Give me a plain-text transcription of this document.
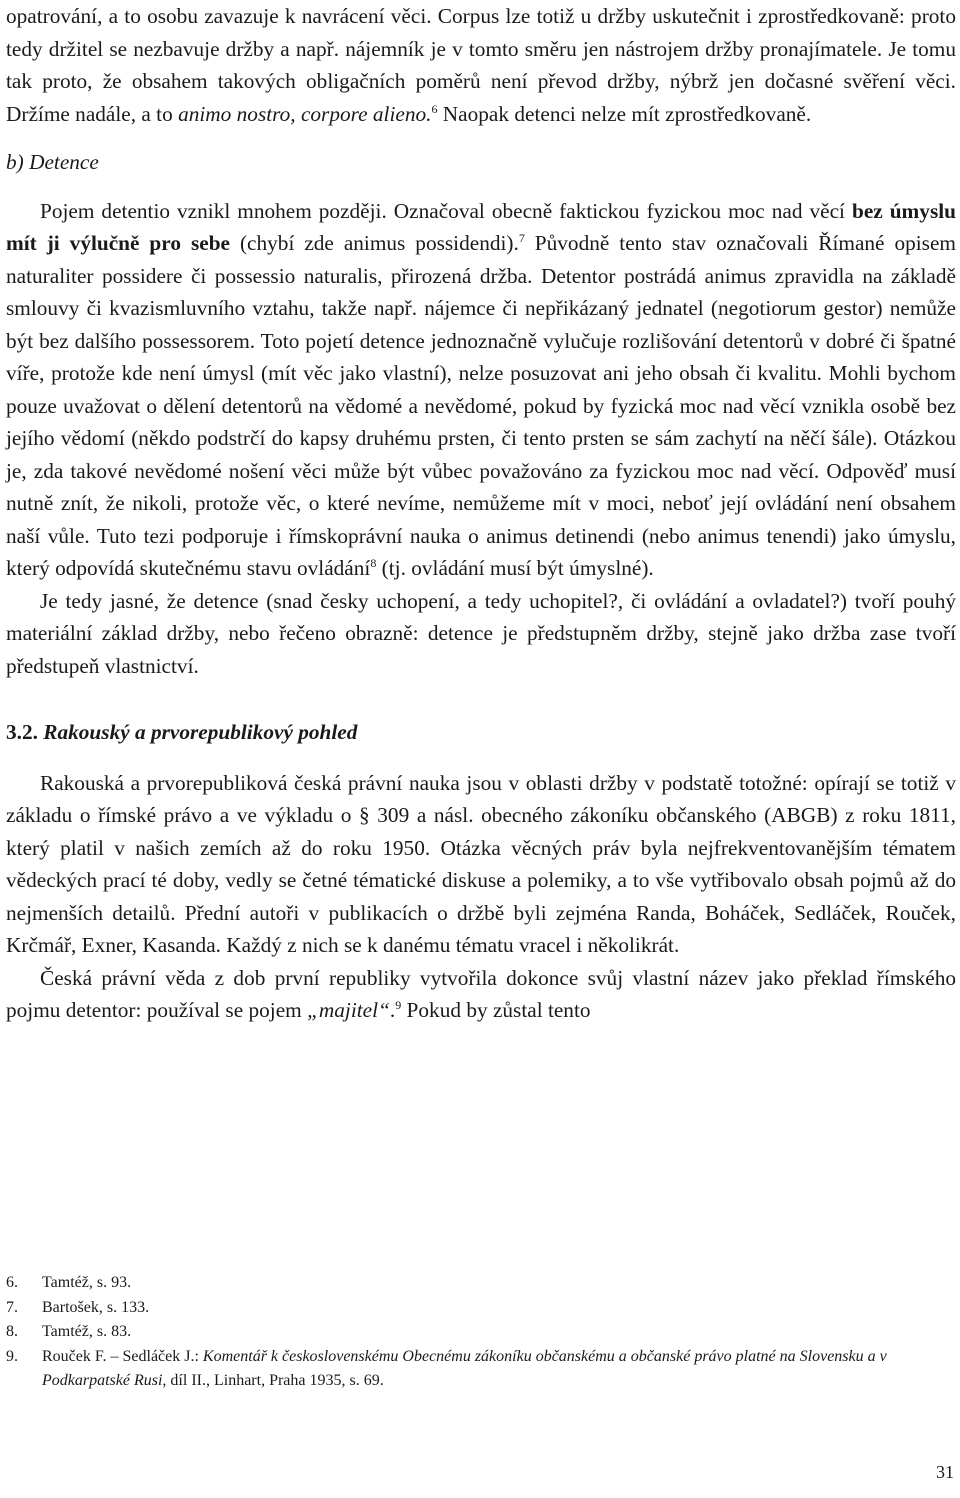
opatrování, a to osobu zavazuje k navrácení věci. Corpus lze totiž u držby uskutečnit i zprostředkovaně: proto tedy držitel se nezbavuje držby a např. nájemník je v tomto směru jen nástrojem držby pronajímatele. Je tomu tak proto, že obsahem takových obligačních poměrů není převod držby, nýbrž jen dočasné svěření věci. Držíme nadále, a to animo nostro, corpore alieno.$^6$ Naopak detenci nelze mít zprostředkovaně.

b) Detence

Pojem detentio vznikl mnohem později. Označoval obecně faktickou fyzickou moc nad věcí bez úmyslu mít ji výlučně pro sebe (chybí zde animus possidendi).$^7$ Původně tento stav označovali Římané opisem naturaliter possidere či possessio naturalis, přirozená držba. Detentor postrádá animus zpravidla na základě smlouvy či kvazismluvního vztahu, takže např. nájemce či nepřikázaný jednatel (negotiorum gestor) nemůže být bez dalšího possessorem. Toto pojetí detence jednoznačně vylučuje rozlišování detentorů v dobré či špatné víře, protože kde není úmysl (mít věc jako vlastní), nelze posuzovat ani jeho obsah či kvalitu. Mohli bychom pouze uvažovat o dělení detentorů na vědomé a nevědomé, pokud by fyzická moc nad věcí vznikla osobě bez jejího vědomí (někdo podstrčí do kapsy druhému prsten, či tento prsten se sám zachytí na něčí šále). Otázkou je, zda takové nevědomé nošení věci může být vůbec považováno za fyzickou moc nad věcí. Odpověď musí nutně znít, že nikoli, protože věc, o které nevíme, nemůžeme mít v moci, neboť její ovládání není obsahem naší vůle. Tuto tezi podporuje i římskoprávní nauka o animus detinendi (nebo animus tenendi) jako úmyslu, který odpovídá skutečnému stavu ovládání$^8$ (tj. ovládání musí být úmyslné).

Je tedy jasné, že detence (snad česky uchopení, a tedy uchopitel?, či ovládání a ovladatel?) tvoří pouhý materiální základ držby, nebo řečeno obrazně: detence je předstupněm držby, stejně jako držba zase tvoří předstupeň vlastnictví.

3.2. Rakouský a prvorepublikový pohled

Rakouská a prvorepubliková česká právní nauka jsou v oblasti držby v podstatě totožné: opírají se totiž v základu o římské právo a ve výkladu o § 309 a násl. obecného zákoníku občanského (ABGB) z roku 1811, který platil v našich zemích až do roku 1950. Otázka věcných práv byla nejfrekventovanějším tématem vědeckých prací té doby, vedly se četné tématické diskuse a polemiky, a to vše vytřibovalo obsah pojmů až do nejmenších detailů. Přední autoři v publikacích o držbě byli zejména Randa, Boháček, Sedláček, Rouček, Krčmář, Exner, Kasanda. Každý z nich se k danému tématu vracel i několikrát.

Česká právní věda z dob první republiky vytvořila dokonce svůj vlastní název jako překlad římského pojmu detentor: používal se pojem „majitel“.$^9$ Pokud by zůstal tento

6.	Tamtéž, s. 93.
7.	Bartošek, s. 133.
8.	Tamtéž, s. 83.
9.	Rouček F. – Sedláček J.: Komentář k československému Obecnému zákoníku občanskému a občanské právo platné na Slovensku a v Podkarpatské Rusi, díl II., Linhart, Praha 1935, s. 69.
31
